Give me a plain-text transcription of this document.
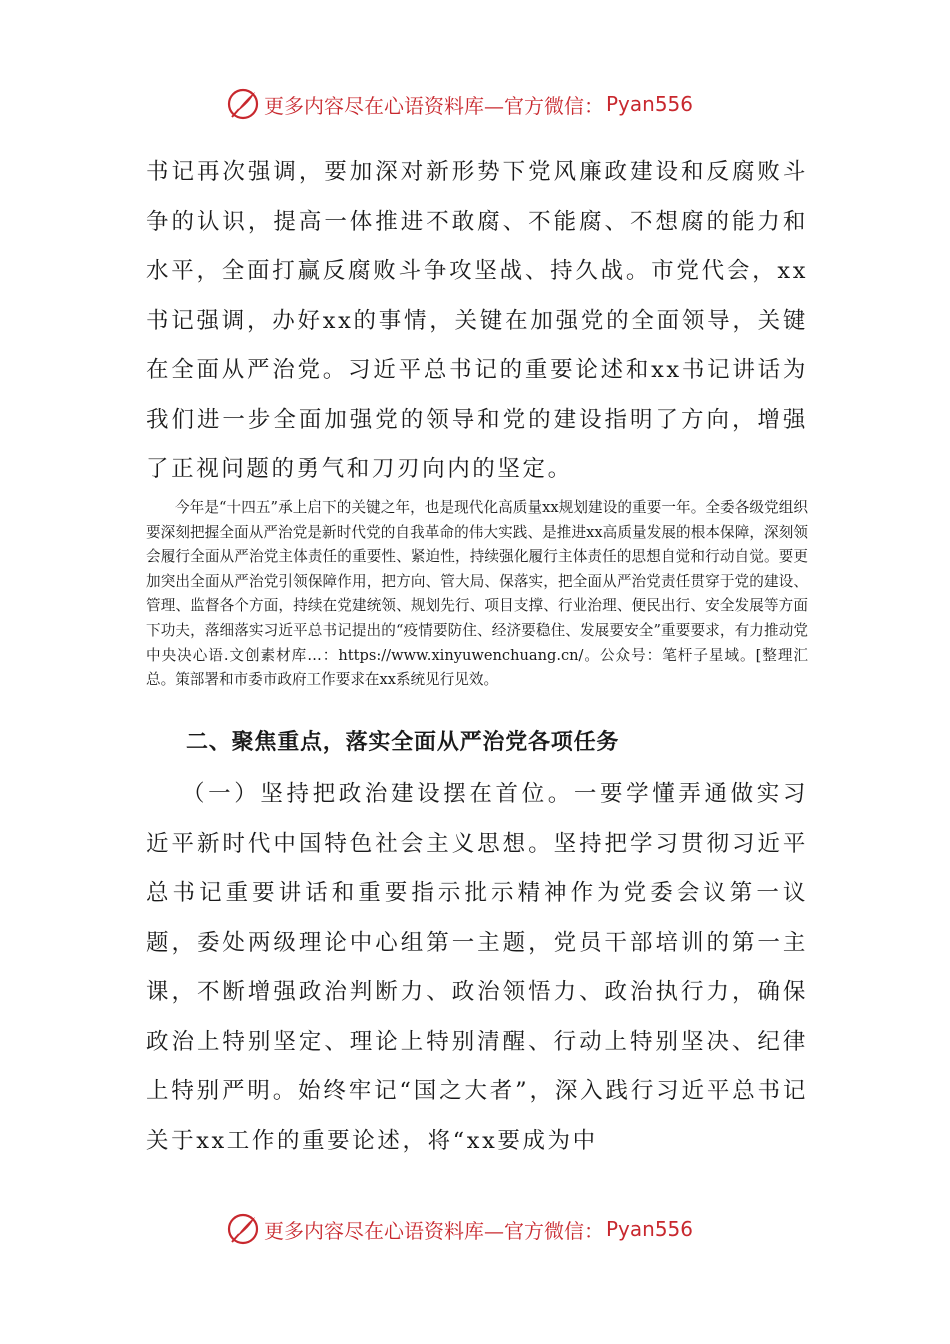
更多内容尽在心语资料库—官方微信： Pyan556
书记再次强调，要加深对新形势下党风廉政建设和反腐败斗争的认识，提高一体推进不敢腐、不能腐、不想腐的能力和水平，全面打赢反腐败斗争攻坚战、持久战。市党代会，xx书记强调，办好xx的事情，关键在加强党的全面领导，关键在全面从严治党。习近平总书记的重要论述和xx书记讲话为我们进一步全面加强党的领导和党的建设指明了方向，增强了正视问题的勇气和刀刃向内的坚定。
今年是“十四五”承上启下的关键之年，也是现代化高质量xx规划建设的重要一年。全委各级党组织要深刻把握全面从严治党是新时代党的自我革命的伟大实践、是推进xx高质量发展的根本保障，深刻领会履行全面从严治党主体责任的重要性、紧迫性，持续强化履行主体责任的思想自觉和行动自觉。要更加突出全面从严治党引领保障作用，把方向、管大局、保落实，把全面从严治党责任贯穿于党的建设、管理、监督各个方面，持续在党建统领、规划先行、项目支撑、行业治理、便民出行、安全发展等方面下功夫，落细落实习近平总书记提出的“疫情要防住、经济要稳住、发展要安全”重要要求，有力推动党中央决心语.文创素材库…：https://www.xinyuwenchuang.cn/。公众号：笔杆子星域。[整理汇总。策部署和市委市政府工作要求在xx系统见行见效。
二、聚焦重点，落实全面从严治党各项任务
（一）坚持把政治建设摆在首位。一要学懂弄通做实习近平新时代中国特色社会主义思想。坚持把学习贯彻习近平总书记重要讲话和重要指示批示精神作为党委会议第一议题，委处两级理论中心组第一主题，党员干部培训的第一主课，不断增强政治判断力、政治领悟力、政治执行力，确保政治上特别坚定、理论上特别清醒、行动上特别坚决、纪律上特别严明。始终牢记“国之大者”，深入践行习近平总书记关于xx工作的重要论述，将“xx要成为中
更多内容尽在心语资料库—官方微信： Pyan556
